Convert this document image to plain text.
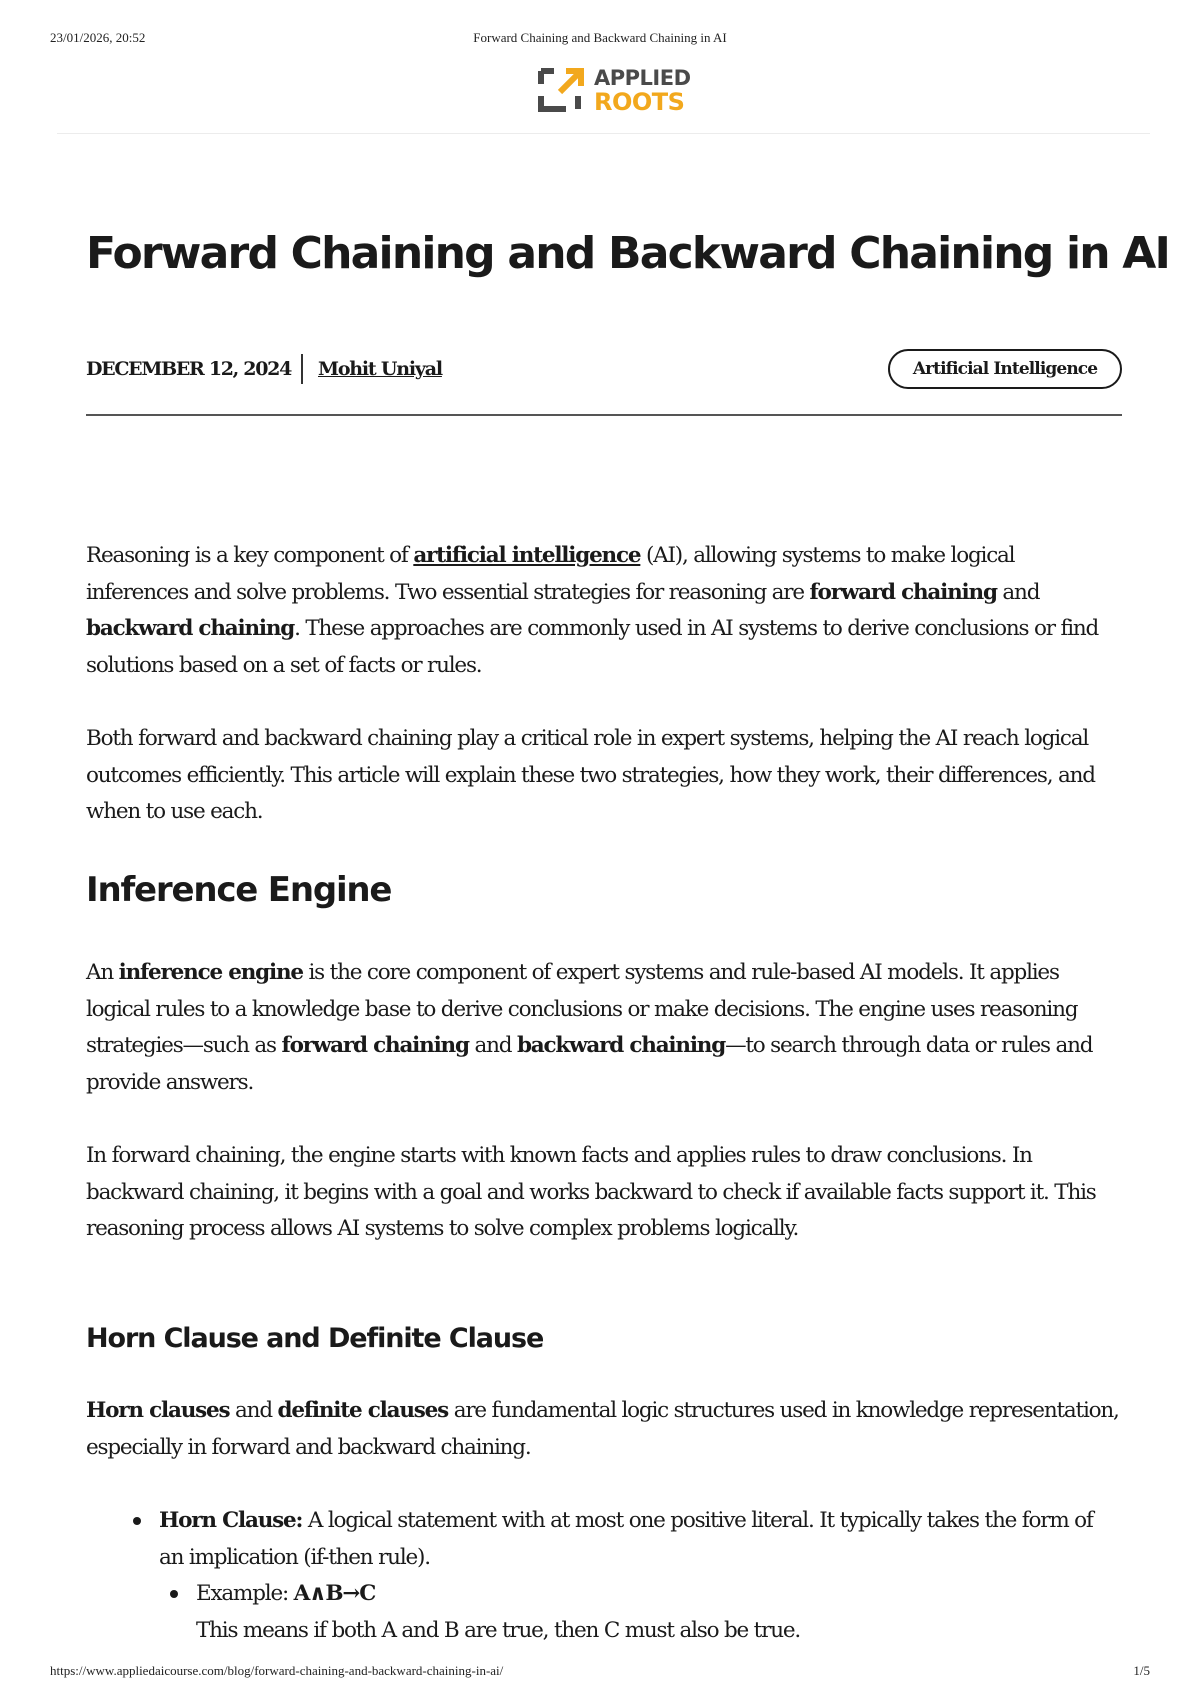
23/01/2026, 20:52	Forward Chaining and Backward Chaining in AI
APPLIED
ROOTS
Forward Chaining and Backward Chaining in AI
DECEMBER 12, 2024 Mohit Uniyal	Artificial Intelligence

Reasoning is a key component of artificial intelligence (AI), allowing systems to make logical inferences and solve problems. Two essential strategies for reasoning are forward chaining and backward chaining. These approaches are commonly used in AI systems to derive conclusions or find solutions based on a set of facts or rules.

Both forward and backward chaining play a critical role in expert systems, helping the AI reach logical outcomes efficiently. This article will explain these two strategies, how they work, their differences, and when to use each.

Inference Engine

An inference engine is the core component of expert systems and rule-based AI models. It applies logical rules to a knowledge base to derive conclusions or make decisions. The engine uses reasoning strategies—such as forward chaining and backward chaining—to search through data or rules and provide answers.

In forward chaining, the engine starts with known facts and applies rules to draw conclusions. In backward chaining, it begins with a goal and works backward to check if available facts support it. This reasoning process allows AI systems to solve complex problems logically.

Horn Clause and Definite Clause

Horn clauses and definite clauses are fundamental logic structures used in knowledge representation, especially in forward and backward chaining.

Horn Clause: A logical statement with at most one positive literal. It typically takes the form of an implication (if-then rule).
Example: A∧B→C
This means if both A and B are true, then C must also be true.
https://www.appliedaicourse.com/blog/forward-chaining-and-backward-chaining-in-ai/	1/5
